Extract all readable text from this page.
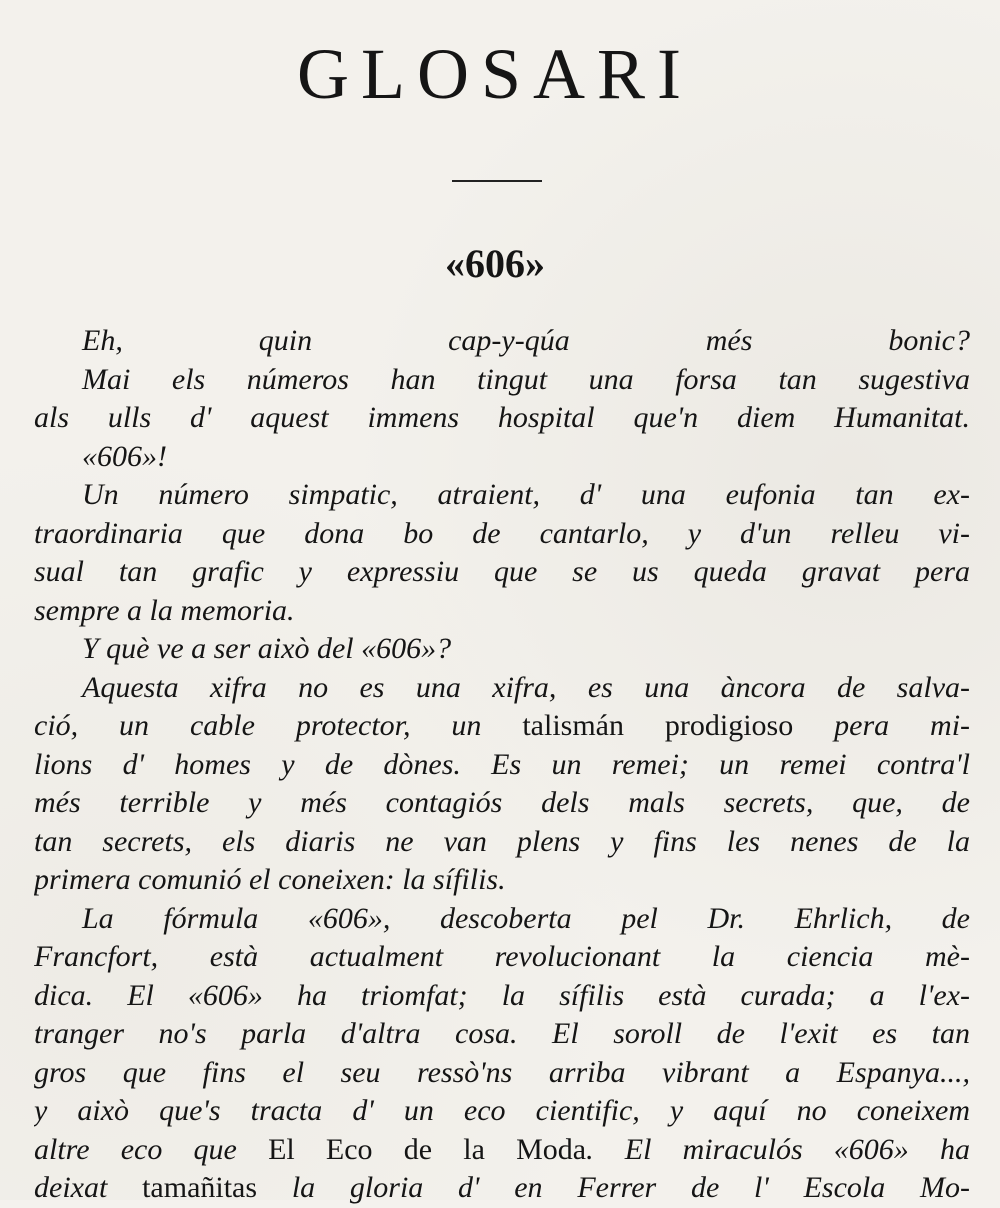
GLOSARI
«606»
Eh, quin cap-y-qúa més bonic?
Mai els números han tingut una forsa tan sugestiva
als ulls d' aquest immens hospital que'n diem Humanitat.
«606»!
Un número simpatic, atraient, d' una eufonia tan ex-
traordinaria que dona bo de cantarlo, y d'un relleu vi-
sual tan grafic y expressiu que se us queda gravat pera
sempre a la memoria.
Y què ve a ser això del «606»?
Aquesta xifra no es una xifra, es una àncora de salva-
ció, un cable protector, un talismán prodigioso pera mi-
lions d' homes y de dònes. Es un remei; un remei contra'l
més terrible y més contagiós dels mals secrets, que, de
tan secrets, els diaris ne van plens y fins les nenes de la
primera comunió el coneixen: la sífilis.
La fórmula «606», descoberta pel Dr. Ehrlich, de
Francfort, està actualment revolucionant la ciencia mè-
dica. El «606» ha triomfat; la sífilis està curada; a l'ex-
tranger no's parla d'altra cosa. El soroll de l'exit es tan
gros que fins el seu ressò'ns arriba vibrant a Espanya...,
y això que's tracta d' un eco cientific, y aquí no coneixem
altre eco que El Eco de la Moda. El miraculós «606» ha
deixat tamañitas la gloria d' en Ferrer de l' Escola Mo-
